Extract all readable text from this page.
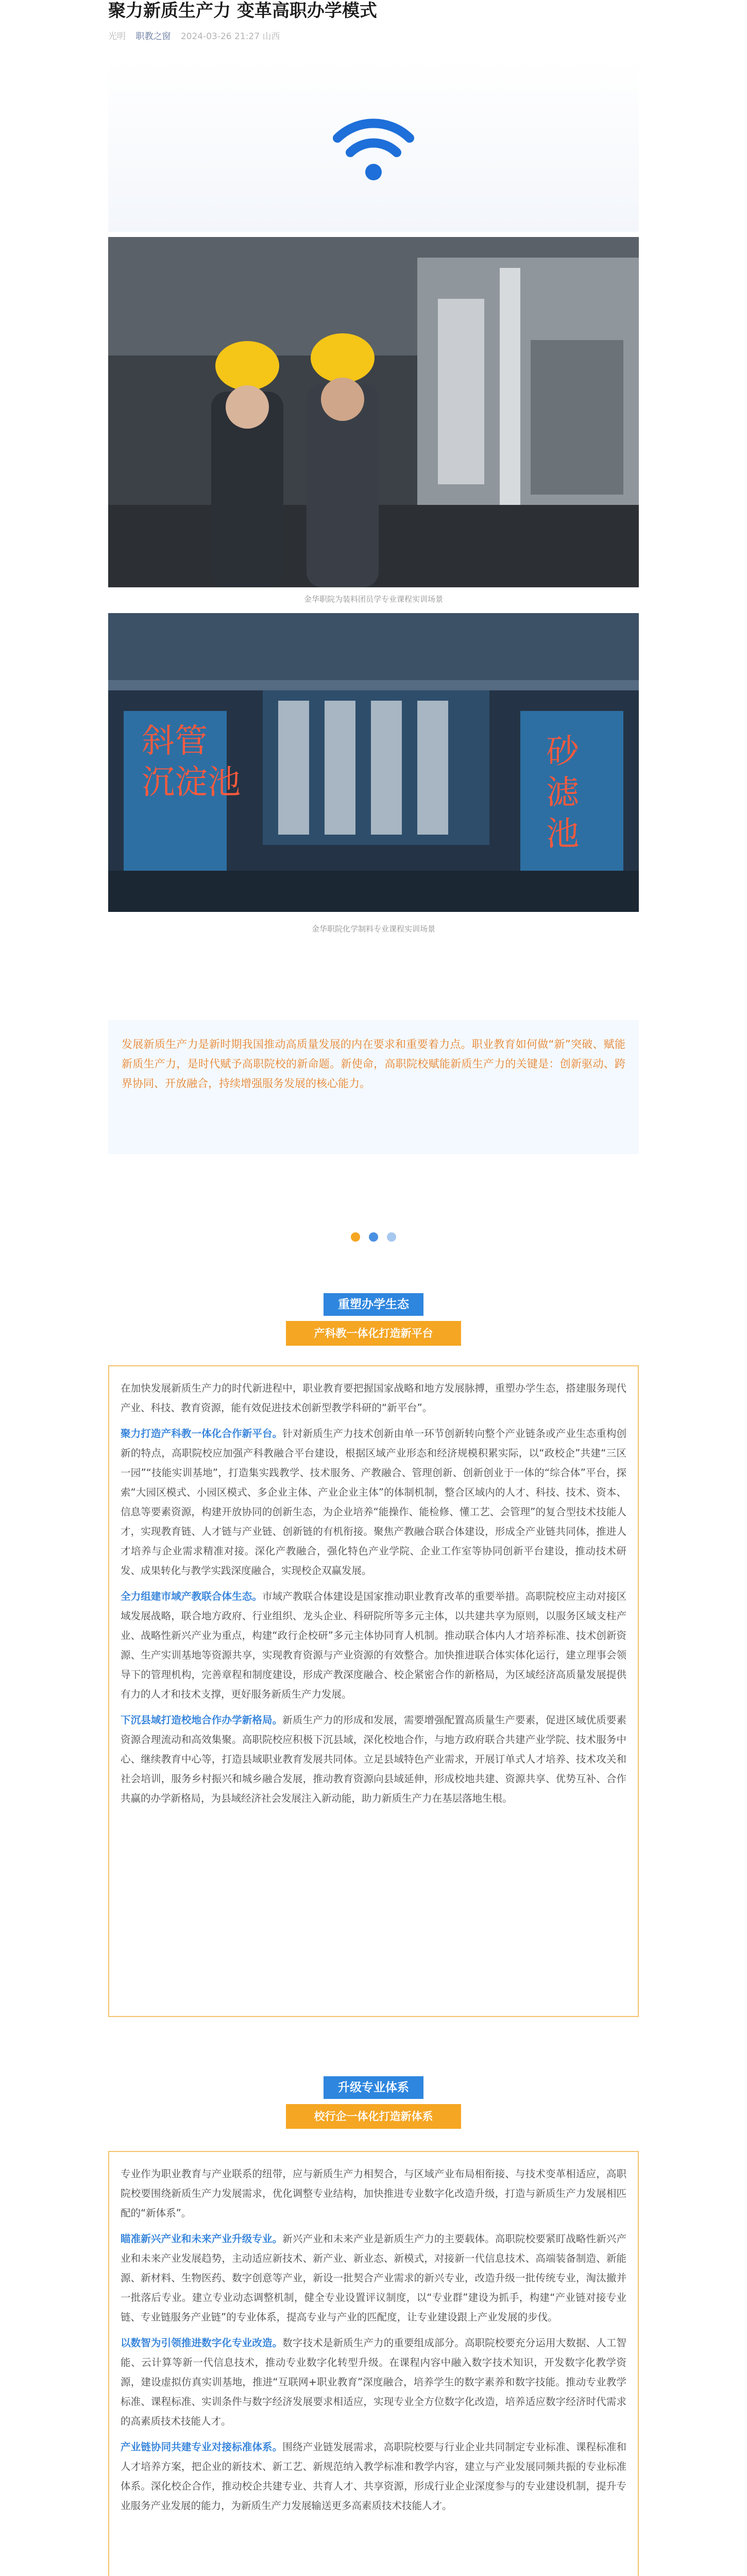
聚力新质生产力 变革高职办学模式
光明 职教之窗 2024-03-26 21:27 山西
金华职院为装料团员学专业课程实训场景
斜管
沉淀池
砂
滤
池
金华职院化学制料专业课程实训场景
发展新质生产力是新时期我国推动高质量发展的内在要求和重要着力点。职业教育如何做“新”突破、赋能新质生产力，是时代赋予高职院校的新命题。新使命，高职院校赋能新质生产力的关键是：创新驱动、跨界协同、开放融合，持续增强服务发展的核心能力。

重塑办学生态
产科教一体化打造新平台

在加快发展新质生产力的时代新进程中，职业教育要把握国家战略和地方发展脉搏，重塑办学生态，搭建服务现代产业、科技、教育资源，能有效促进技术创新型教学科研的“新平台”。

聚力打造产科教一体化合作新平台。针对新质生产力技术创新由单一环节创新转向整个产业链条或产业生态重构创新的特点，高职院校应加强产科教融合平台建设，根据区域产业形态和经济规模积累实际，以“政校企”共建“三区一园”“技能实训基地”，打造集实践教学、技术服务、产教融合、管理创新、创新创业于一体的“综合体”平台，探索“大园区模式、小园区模式、多企业主体、产业企业主体”的体制机制，整合区域内的人才、科技、技术、资本、信息等要素资源，构建开放协同的创新生态，为企业培养“能操作、能检修、懂工艺、会管理”的复合型技术技能人才，实现教育链、人才链与产业链、创新链的有机衔接。聚焦产教融合联合体建设，形成全产业链共同体，推进人才培养与企业需求精准对接。深化产教融合，强化特色产业学院、企业工作室等协同创新平台建设，推动技术研发、成果转化与教学实践深度融合，实现校企双赢发展。

全力组建市域产教联合体生态。市域产教联合体建设是国家推动职业教育改革的重要举措。高职院校应主动对接区域发展战略，联合地方政府、行业组织、龙头企业、科研院所等多元主体，以共建共享为原则，以服务区域支柱产业、战略性新兴产业为重点，构建“政行企校研”多元主体协同育人机制。推动联合体内人才培养标准、技术创新资源、生产实训基地等资源共享，实现教育资源与产业资源的有效整合。加快推进联合体实体化运行，建立理事会领导下的管理机构，完善章程和制度建设，形成产教深度融合、校企紧密合作的新格局，为区域经济高质量发展提供有力的人才和技术支撑，更好服务新质生产力发展。

下沉县域打造校地合作办学新格局。新质生产力的形成和发展，需要增强配置高质量生产要素，促进区域优质要素资源合理流动和高效集聚。高职院校应积极下沉县域，深化校地合作，与地方政府联合共建产业学院、技术服务中心、继续教育中心等，打造县域职业教育发展共同体。立足县域特色产业需求，开展订单式人才培养、技术攻关和社会培训，服务乡村振兴和城乡融合发展，推动教育资源向县域延伸，形成校地共建、资源共享、优势互补、合作共赢的办学新格局，为县域经济社会发展注入新动能，助力新质生产力在基层落地生根。

升级专业体系
校行企一体化打造新体系

专业作为职业教育与产业联系的纽带，应与新质生产力相契合，与区域产业布局相衔接、与技术变革相适应，高职院校要围绕新质生产力发展需求，优化调整专业结构，加快推进专业数字化改造升级，打造与新质生产力发展相匹配的“新体系”。

瞄准新兴产业和未来产业升级专业。新兴产业和未来产业是新质生产力的主要载体。高职院校要紧盯战略性新兴产业和未来产业发展趋势，主动适应新技术、新产业、新业态、新模式，对接新一代信息技术、高端装备制造、新能源、新材料、生物医药、数字创意等产业，新设一批契合产业需求的新兴专业，改造升级一批传统专业，淘汰撤并一批落后专业。建立专业动态调整机制，健全专业设置评议制度，以“专业群”建设为抓手，构建“产业链对接专业链、专业链服务产业链”的专业体系，提高专业与产业的匹配度，让专业建设跟上产业发展的步伐。

以数智为引领推进数字化专业改造。数字技术是新质生产力的重要组成部分。高职院校要充分运用大数据、人工智能、云计算等新一代信息技术，推动专业数字化转型升级。在课程内容中融入数字技术知识，开发数字化教学资源，建设虚拟仿真实训基地，推进“互联网+职业教育”深度融合，培养学生的数字素养和数字技能。推动专业教学标准、课程标准、实训条件与数字经济发展要求相适应，实现专业全方位数字化改造，培养适应数字经济时代需求的高素质技术技能人才。

产业链协同共建专业对接标准体系。围绕产业链发展需求，高职院校要与行业企业共同制定专业标准、课程标准和人才培养方案，把企业的新技术、新工艺、新规范纳入教学标准和教学内容，建立与产业发展同频共振的专业标准体系。深化校企合作，推动校企共建专业、共育人才、共享资源，形成行业企业深度参与的专业建设机制，提升专业服务产业发展的能力，为新质生产力发展输送更多高素质技术技能人才。
